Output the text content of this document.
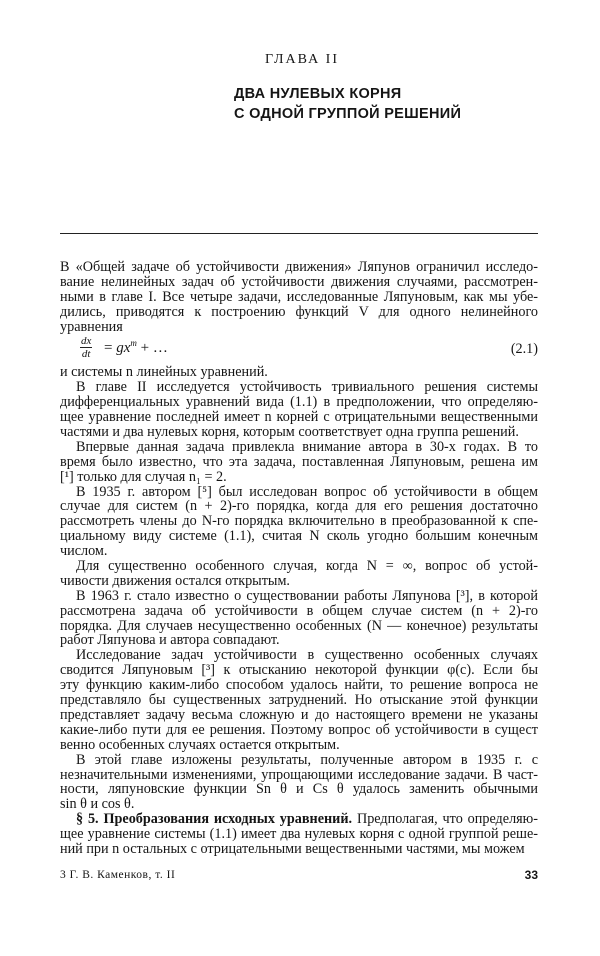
ГЛАВА II
ДВА НУЛЕВЫХ КОРНЯ
С ОДНОЙ ГРУППОЙ РЕШЕНИЙ
В «Общей задаче об устойчивости движения» Ляпунов ограничил исследо-
вание нелинейных задач об устойчивости движения случаями, рассмотрен-
ными в главе I. Все четыре задачи, исследованные Ляпуновым, как мы убе-
дились, приводятся к построению функций V для одного нелинейного
уравнения
$\frac{dx}{dt} = gx^m$ + …	(2.1)
и системы n линейных уравнений.
В главе II исследуется устойчивость тривиального решения системы
дифференциальных уравнений вида (1.1) в предположении, что определяю-
щее уравнение последней имеет n корней с отрицательными вещественными
частями и два нулевых корня, которым соответствует одна группа решений.
Впервые данная задача привлекла внимание автора в 30-х годах. В то
время было известно, что эта задача, поставленная Ляпуновым, решена им
[¹] только для случая n₁ = 2.
В 1935 г. автором [⁵] был исследован вопрос об устойчивости в общем
случае для систем (n + 2)-го порядка, когда для его решения достаточно
рассмотреть члены до N-го порядка включительно в преобразованной к спе-
циальному виду системе (1.1), считая N сколь угодно большим конечным
числом.
Для существенно особенного случая, когда N = ∞, вопрос об устой-
чивости движения остался открытым.
В 1963 г. стало известно о существовании работы Ляпунова [³], в которой
рассмотрена задача об устойчивости в общем случае систем (n + 2)-го
порядка. Для случаев несущественно особенных (N — конечное) результаты
работ Ляпунова и автора совпадают.
Исследование задач устойчивости в существенно особенных случаях
сводится Ляпуновым [³] к отысканию некоторой функции φ(c). Если бы
эту функцию каким-либо способом удалось найти, то решение вопроса не
представляло бы существенных затруднений. Но отыскание этой функции
представляет задачу весьма сложную и до настоящего времени не указаны
какие-либо пути для ее решения. Поэтому вопрос об устойчивости в сущест
венно особенных случаях остается открытым.
В этой главе изложены результаты, полученные автором в 1935 г. с
незначительными изменениями, упрощающими исследование задачи. В част-
ности, ляпуновские функции Sn θ и Cs θ удалось заменить обычными
sin θ и cos θ.
§ 5. Преобразования исходных уравнений. Предполагая, что определяю-
щее уравнение системы (1.1) имеет два нулевых корня с одной группой реше-
ний при n остальных с отрицательными вещественными частями, мы можем
3 Г. В. Каменков, т. II	33
